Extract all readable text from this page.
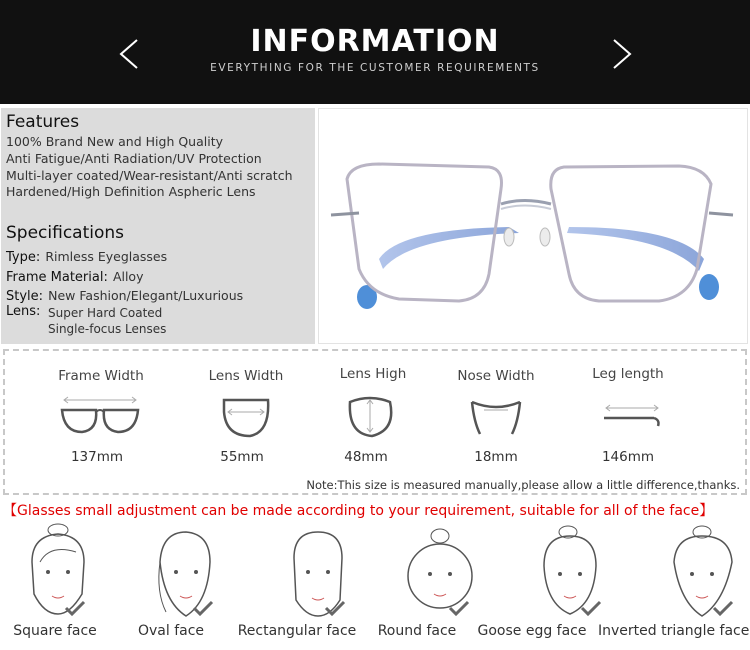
INFORMATION
EVERYTHING FOR THE CUSTOMER REQUIREMENTS
Features
100% Brand New and High Quality
Anti Fatigue/Anti Radiation/UV Protection
Multi-layer coated/Wear-resistant/Anti scratch
Hardened/High Definition Aspheric Lens
Specifications
Type: Rimless Eyeglasses
Frame Material: Alloy
Style: New Fashion/Elegant/Luxurious
Lens: Super Hard Coated
Single-focus Lenses
Frame Width	Lens Width	Lens High	Nose Width	Leg length
137mm	55mm	48mm	18mm	146mm
Note:This size is measured manually,please allow a little difference,thanks.
【Glasses small adjustment can be made according to your requirement, suitable for all of the face】
Square face	Oval face	Rectangular face	Round face	Goose egg face Inverted triangle face
